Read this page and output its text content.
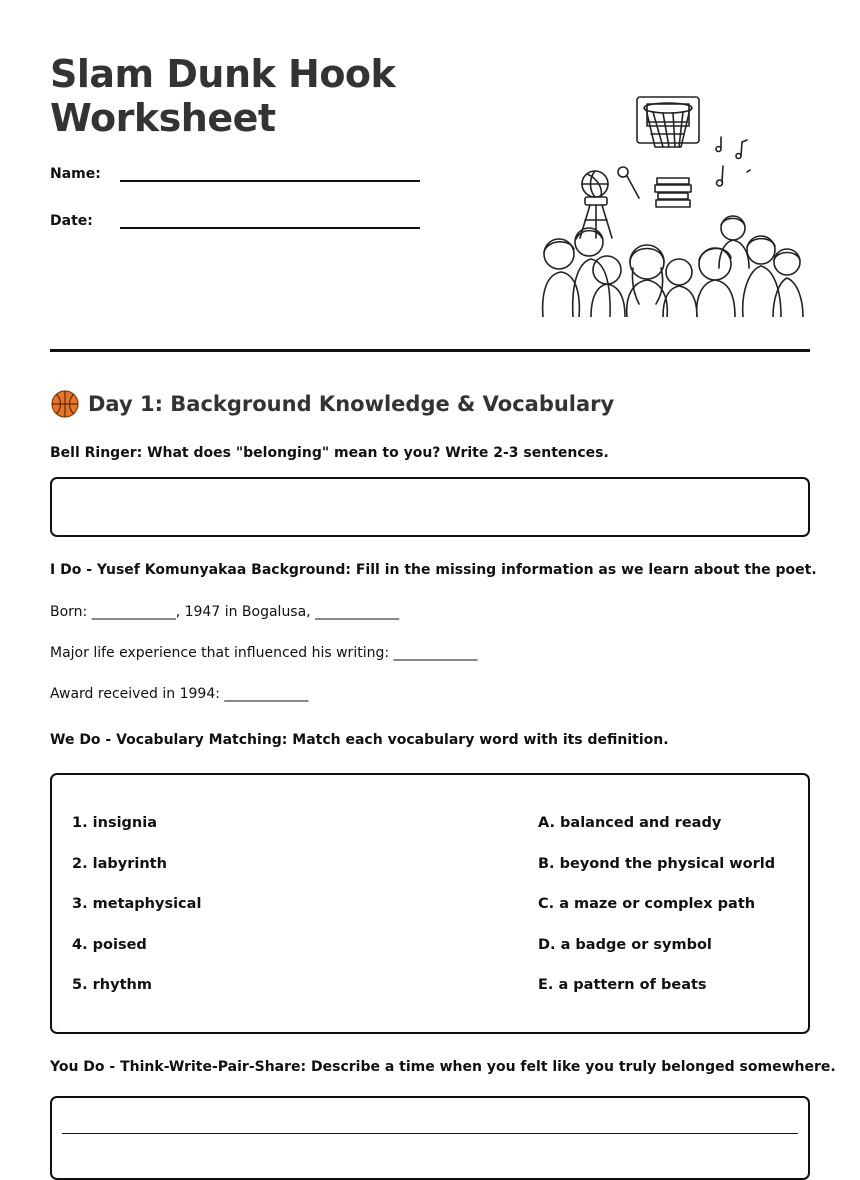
Slam Dunk Hook
Worksheet
Name:
Date:
Day 1: Background Knowledge & Vocabulary
Bell Ringer: What does "belonging" mean to you? Write 2-3 sentences.
I Do - Yusef Komunyakaa Background: Fill in the missing information as we learn about the poet.
Born: ____________, 1947 in Bogalusa, ____________
Major life experience that influenced his writing: ____________
Award received in 1994: ____________
We Do - Vocabulary Matching: Match each vocabulary word with its definition.
1. insignia
2. labyrinth
3. metaphysical
4. poised
5. rhythm
A. balanced and ready
B. beyond the physical world
C. a maze or complex path
D. a badge or symbol
E. a pattern of beats
You Do - Think-Write-Pair-Share: Describe a time when you felt like you truly belonged somewhere.
